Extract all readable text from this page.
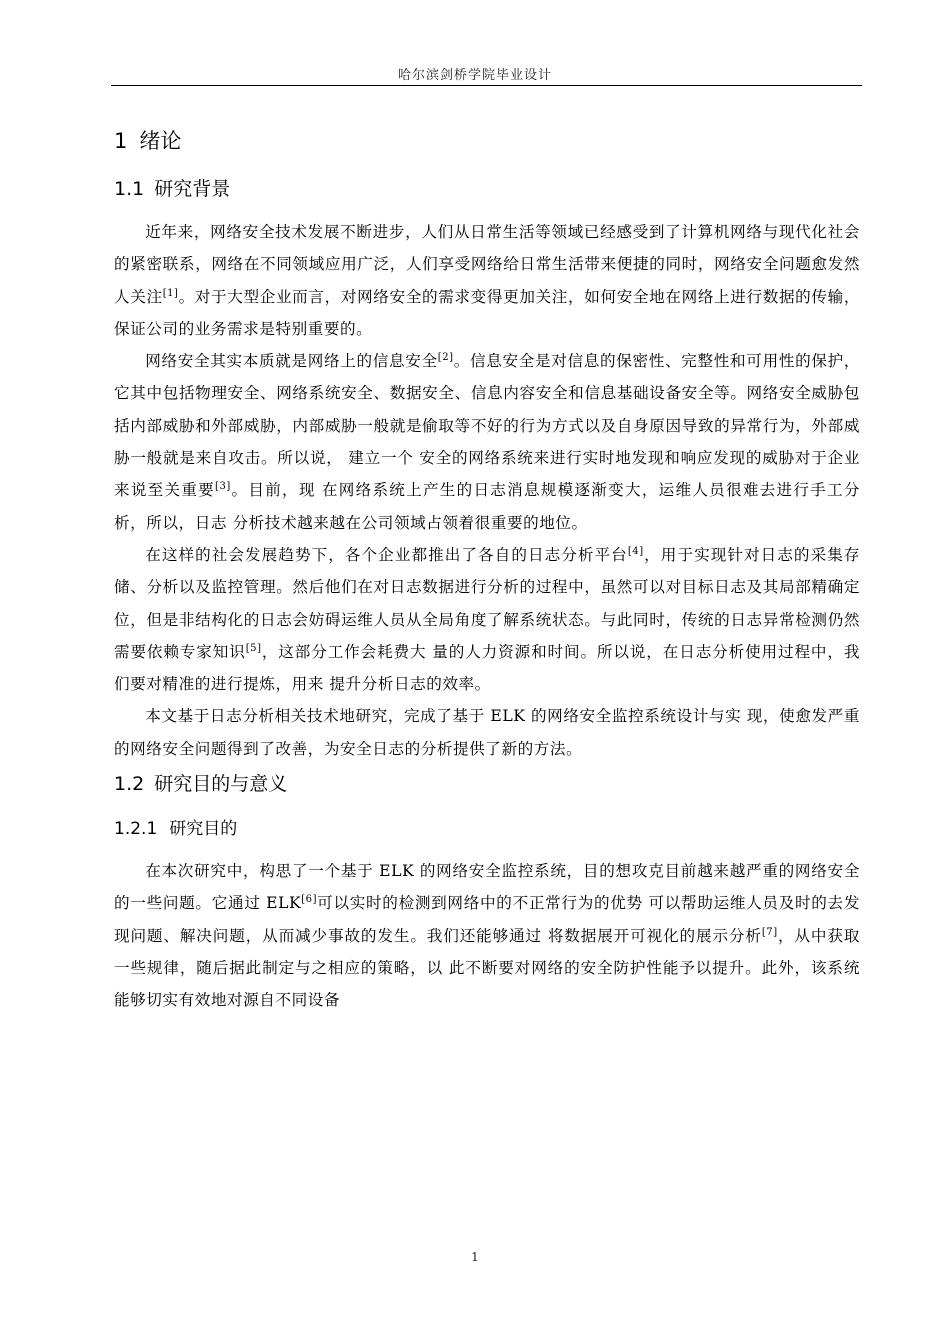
哈尔滨剑桥学院毕业设计
1 绪论
1.1 研究背景

近年来，网络安全技术发展不断进步，人们从日常生活等领域已经感受到了计算机网络与现代化社会的紧密联系，网络在不同领域应用广泛，人们享受网络给日常生活带来便捷的同时，网络安全问题愈发然人关注[1]。对于大型企业而言，对网络安全的需求变得更加关注，如何安全地在网络上进行数据的传输，保证公司的业务需求是特别重要的。

网络安全其实本质就是网络上的信息安全[2]。信息安全是对信息的保密性、完整性和可用性的保护，它其中包括物理安全、网络系统安全、数据安全、信息内容安全和信息基础设备安全等。网络安全威胁包括内部威胁和外部威胁，内部威胁一般就是偷取等不好的行为方式以及自身原因导致的异常行为，外部威胁一般就是来自攻击。所以说， 建立一个 安全的网络系统来进行实时地发现和响应发现的威胁对于企业来说至关重要[3]。目前，现 在网络系统上产生的日志消息规模逐渐变大，运维人员很难去进行手工分析，所以，日志 分析技术越来越在公司领域占领着很重要的地位。

在这样的社会发展趋势下，各个企业都推出了各自的日志分析平台[4]，用于实现针对日志的采集存储、分析以及监控管理。然后他们在对日志数据进行分析的过程中，虽然可以对目标日志及其局部精确定位，但是非结构化的日志会妨碍运维人员从全局角度了解系统状态。与此同时，传统的日志异常检测仍然需要依赖专家知识[5]，这部分工作会耗费大 量的人力资源和时间。所以说，在日志分析使用过程中，我们要对精准的进行提炼，用来 提升分析日志的效率。

本文基于日志分析相关技术地研究，完成了基于 ELK 的网络安全监控系统设计与实 现，使愈发严重的网络安全问题得到了改善，为安全日志的分析提供了新的方法。

1.2 研究目的与意义
1.2.1 研究目的

在本次研究中，构思了一个基于 ELK 的网络安全监控系统，目的想攻克目前越来越严重的网络安全的一些问题。它通过 ELK[6]可以实时的检测到网络中的不正常行为的优势 可以帮助运维人员及时的去发现问题、解决问题，从而减少事故的发生。我们还能够通过 将数据展开可视化的展示分析[7]，从中获取一些规律，随后据此制定与之相应的策略，以 此不断要对网络的安全防护性能予以提升。此外，该系统能够切实有效地对源自不同设备

1
